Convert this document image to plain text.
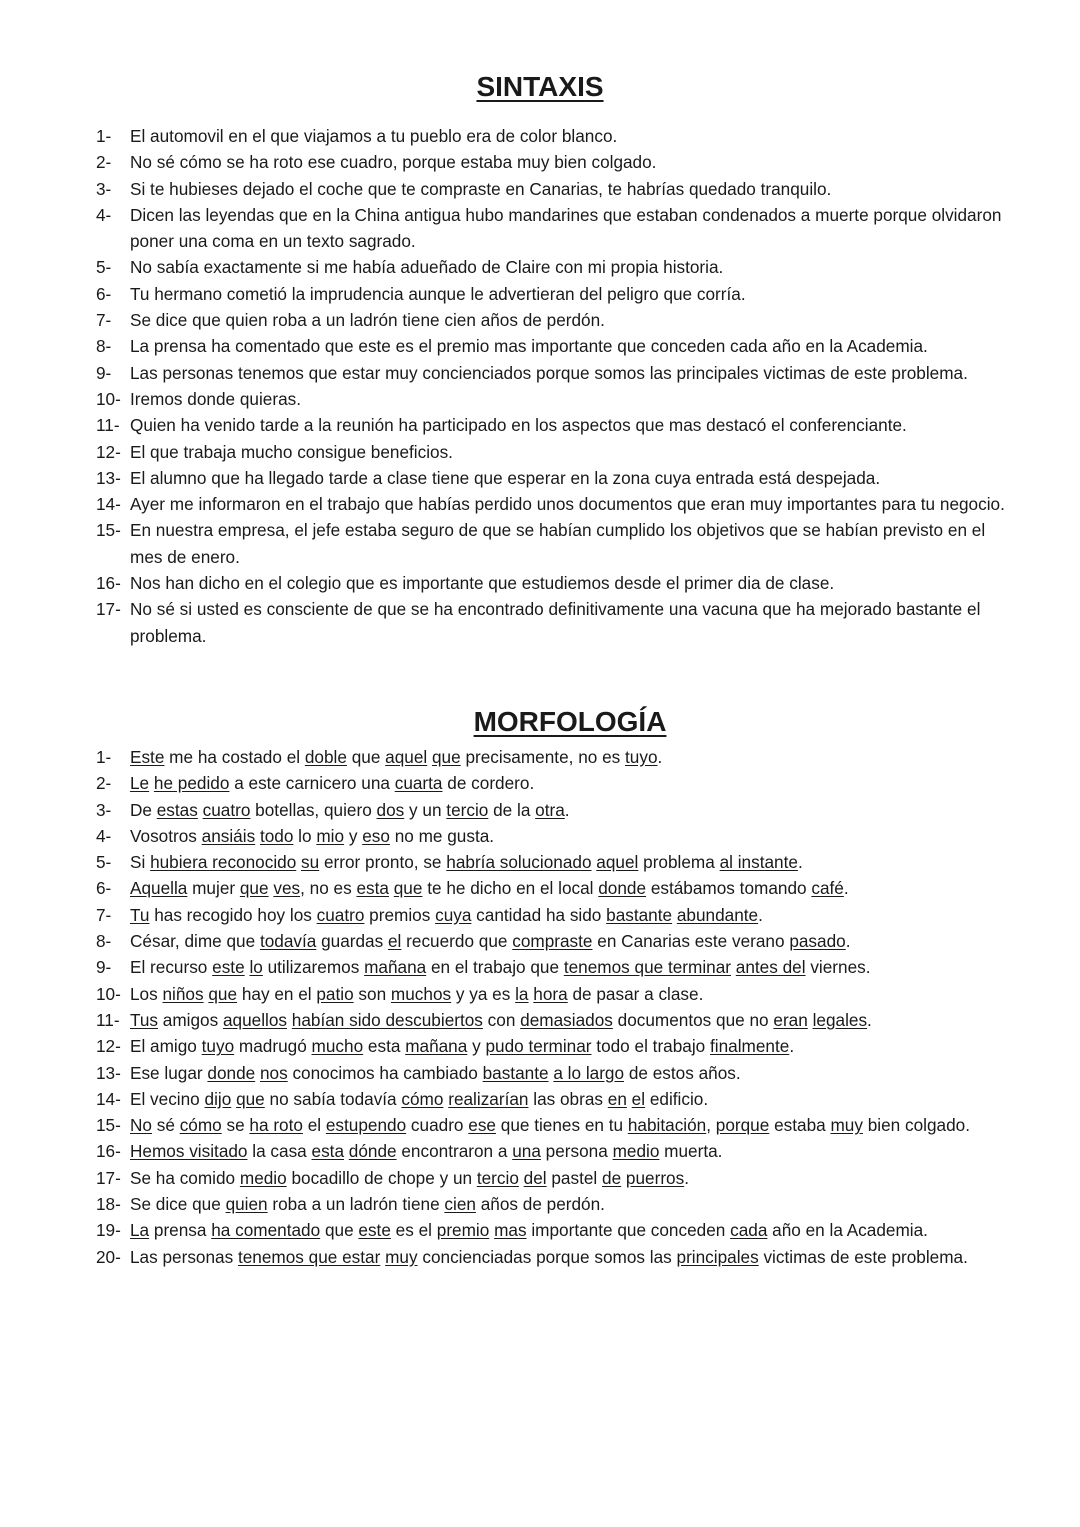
SINTAXIS
1-	El automovil en el que viajamos a tu pueblo era de color blanco.
2-	No sé cómo se ha roto ese cuadro, porque estaba muy bien colgado.
3-	Si te hubieses dejado el coche que te compraste en Canarias, te habrías quedado tranquilo.
4-	Dicen las leyendas que en la China antigua hubo mandarines que estaban condenados a muerte porque olvidaron poner una coma en un texto sagrado.
5-	No sabía exactamente si me había adueñado de Claire con mi propia historia.
6-	Tu hermano cometió la imprudencia aunque le advertieran del peligro que corría.
7-	Se dice que quien roba a un ladrón tiene cien años de perdón.
8-	La prensa ha comentado que este es el premio mas importante que conceden cada año en la Academia.
9-	Las personas tenemos que estar muy concienciados porque somos las principales victimas de este problema.
10- Iremos donde quieras.
11- Quien ha venido tarde a la reunión ha participado en los aspectos que mas destacó el conferenciante.
12- El que trabaja mucho consigue beneficios.
13- El alumno que ha llegado tarde a clase tiene que esperar en la zona cuya entrada está despejada.
14- Ayer me informaron en el trabajo que habías perdido unos documentos que eran muy importantes para tu negocio.
15- En nuestra empresa, el jefe estaba seguro de que se habían cumplido los objetivos que se habían previsto en el mes de enero.
16- Nos han dicho en el colegio que es importante que estudiemos desde el primer dia de clase.
17- No sé si usted es consciente de que se ha encontrado definitivamente una vacuna que ha mejorado bastante el problema.
MORFOLOGÍA
1-	Este me ha costado el doble que aquel que precisamente, no es tuyo.
2-	Le he pedido a este carnicero una cuarta de cordero.
3-	De estas cuatro botellas, quiero dos y un tercio de la otra.
4-	Vosotros ansiáis todo lo mio y eso no me gusta.
5-	Si hubiera reconocido su error pronto, se habría solucionado aquel problema al instante.
6-	Aquella mujer que ves, no es esta que te he dicho en el local donde estábamos tomando café.
7-	Tu has recogido hoy los cuatro premios cuya cantidad ha sido bastante abundante.
8-	César, dime que todavía guardas el recuerdo que compraste en Canarias este verano pasado.
9-	El recurso este lo utilizaremos mañana en el trabajo que tenemos que terminar antes del viernes.
10- Los niños que hay en el patio son muchos y ya es la hora de pasar a clase.
11- Tus amigos aquellos habían sido descubiertos con demasiados documentos que no eran legales.
12- El amigo tuyo madrugó mucho esta mañana y pudo terminar todo el trabajo finalmente.
13- Ese lugar donde nos conocimos ha cambiado bastante a lo largo de estos años.
14- El vecino dijo que no sabía todavía cómo realizarían las obras en el edificio.
15- No sé cómo se ha roto el estupendo cuadro ese que tienes en tu habitación, porque estaba muy bien colgado.
16- Hemos visitado la casa esta dónde encontraron a una persona medio muerta.
17- Se ha comido medio bocadillo de chope y un tercio del pastel de puerros.
18- Se dice que quien roba a un ladrón tiene cien años de perdón.
19- La prensa ha comentado que este es el premio mas importante que conceden cada año en la Academia.
20- Las personas tenemos que estar muy concienciadas porque somos las principales victimas de este problema.
